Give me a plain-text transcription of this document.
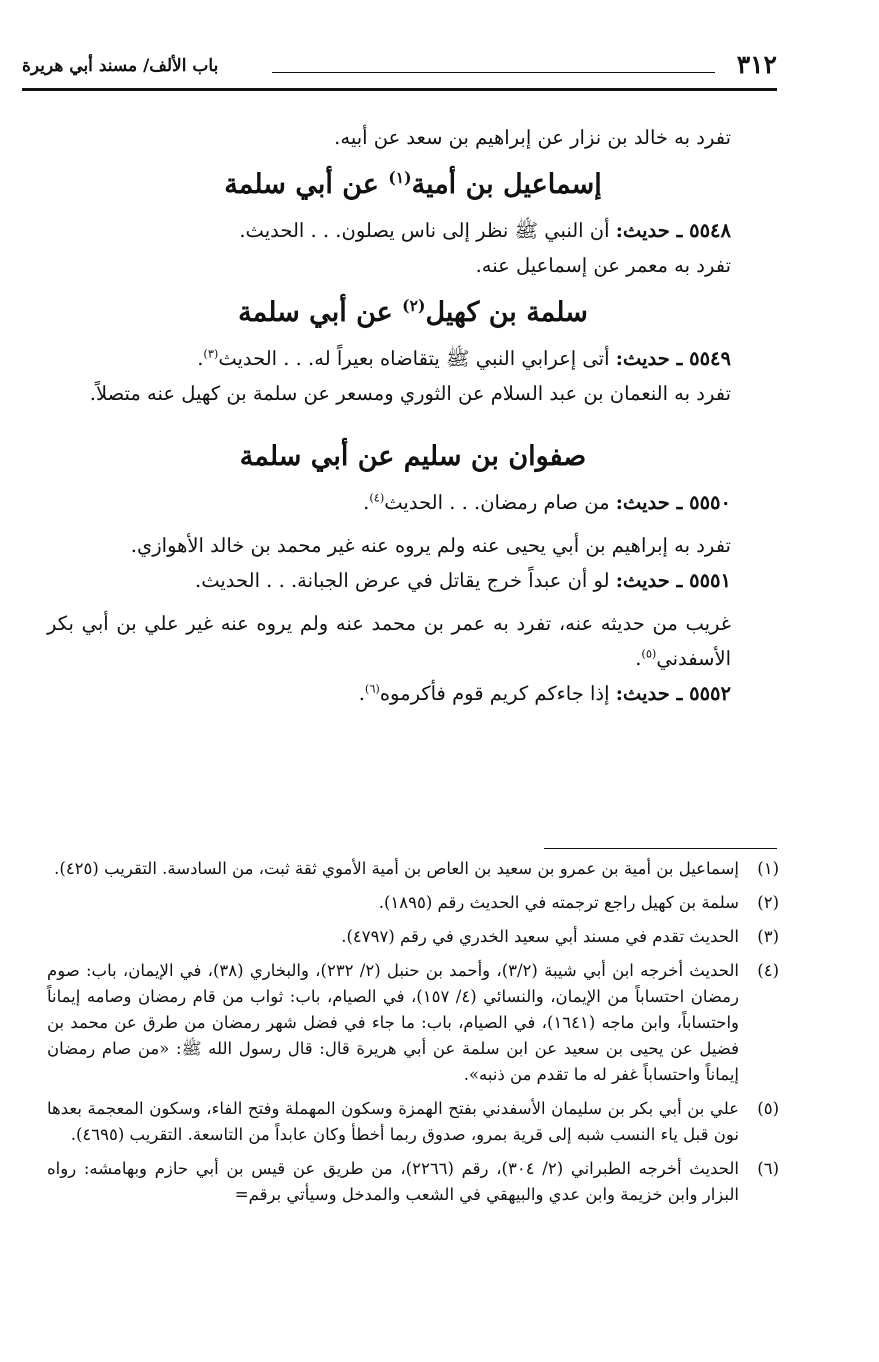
٣١٢
باب الألف/ مسند أبي هريرة

تفرد به خالد بن نزار عن إبراهيم بن سعد عن أبيه.

إسماعيل بن أمية$^{(١)}$ عن أبي سلمة

٥٥٤٨ ـ حديث: أن النبي ﷺ نظر إلى ناس يصلون. . . الحديث.

تفرد به معمر عن إسماعيل عنه.

سلمة بن كهيل$^{(٢)}$ عن أبي سلمة

٥٥٤٩ ـ حديث: أتى إعرابي النبي ﷺ يتقاضاه بعيراً له. . . الحديث$^{(٣)}$.

تفرد به النعمان بن عبد السلام عن الثوري ومسعر عن سلمة بن كهيل عنه متصلاً.

صفوان بن سليم عن أبي سلمة

٥٥٥٠ ـ حديث: من صام رمضان. . . الحديث$^{(٤)}$.

تفرد به إبراهيم بن أبي يحيى عنه ولم يروه عنه غير محمد بن خالد الأهوازي.

٥٥٥١ ـ حديث: لو أن عبداً خرج يقاتل في عرض الجبانة. . . الحديث.

غريب من حديثه عنه، تفرد به عمر بن محمد عنه ولم يروه عنه غير علي بن أبي بكر الأسفدني$^{(٥)}$.

٥٥٥٢ ـ حديث: إذا جاءكم كريم قوم فأكرموه$^{(٦)}$.

(١)
إسماعيل بن أمية بن عمرو بن سعيد بن العاص بن أمية الأموي ثقة ثبت، من السادسة. التقريب (٤٢٥).
(٢)
سلمة بن كهيل راجع ترجمته في الحديث رقم (١٨٩٥).
(٣)
الحديث تقدم في مسند أبي سعيد الخدري في رقم (٤٧٩٧).
(٤)
الحديث أخرجه ابن أبي شيبة (٣/٢)، وأحمد بن حنبل (٢/ ٢٣٢)، والبخاري (٣٨)، في الإيمان، باب: صوم رمضان احتساباً من الإيمان، والنسائي (٤/ ١٥٧)، في الصيام، باب: ثواب من قام رمضان وصامه إيماناً واحتساباً، وابن ماجه (١٦٤١)، في الصيام، باب: ما جاء في فضل شهر رمضان من طرق عن محمد بن فضيل عن يحيى بن سعيد عن ابن سلمة عن أبي هريرة قال: قال رسول الله ﷺ: «من صام رمضان إيماناً واحتساباً غفر له ما تقدم من ذنبه».
(٥)
علي بن أبي بكر بن سليمان الأسفدني بفتح الهمزة وسكون المهملة وفتح الفاء، وسكون المعجمة بعدها نون قبل ياء النسب شبه إلى قرية بمرو، صدوق ربما أخطأ وكان عابداً من التاسعة. التقريب (٤٦٩٥).
(٦)
الحديث أخرجه الطبراني (٢/ ٣٠٤)، رقم (٢٢٦٦)، من طريق عن قيس بن أبي حازم وبهامشه: رواه البزار وابن خزيمة وابن عدي والبيهقي في الشعب والمدخل وسيأتي برقم=
